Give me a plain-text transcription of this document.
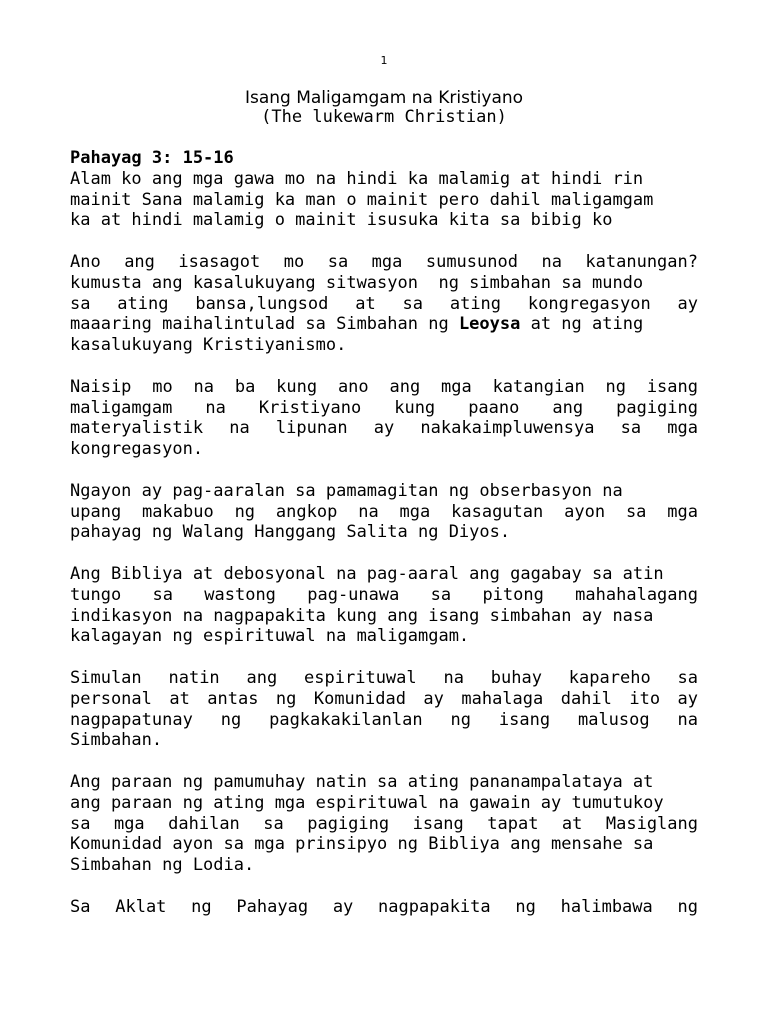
1
Isang Maligamgam na Kristiyano
(The lukewarm Christian)
Pahayag 3: 15-16
Alam ko ang mga gawa mo na hindi ka malamig at hindi rin
mainit Sana malamig ka man o mainit pero dahil maligamgam
ka at hindi malamig o mainit isusuka kita sa bibig ko
Ano ang isasagot mo sa mga sumusunod na katanungan?
kumusta ang kasalukuyang sitwasyon  ng simbahan sa mundo
sa ating bansa,lungsod at sa ating kongregasyon ay
maaaring maihalintulad sa Simbahan ng Leoysa at ng ating
kasalukuyang Kristiyanismo.
Naisip mo na ba kung ano ang mga katangian ng isang
maligamgam na Kristiyano kung paano ang pagiging
materyalistik na lipunan ay nakakaimpluwensya sa mga
kongregasyon.
Ngayon ay pag-aaralan sa pamamagitan ng obserbasyon na
upang makabuo ng angkop na mga kasagutan ayon sa mga
pahayag ng Walang Hanggang Salita ng Diyos.
Ang Bibliya at debosyonal na pag-aaral ang gagabay sa atin
tungo sa wastong pag-unawa sa pitong mahahalagang
indikasyon na nagpapakita kung ang isang simbahan ay nasa
kalagayan ng espirituwal na maligamgam.
Simulan natin ang espirituwal na buhay kapareho sa
personal at antas ng Komunidad ay mahalaga dahil ito ay
nagpapatunay ng pagkakakilanlan ng isang malusog na
Simbahan.
Ang paraan ng pamumuhay natin sa ating pananampalataya at
ang paraan ng ating mga espirituwal na gawain ay tumutukoy
sa mga dahilan sa pagiging isang tapat at Masiglang
Komunidad ayon sa mga prinsipyo ng Bibliya ang mensahe sa
Simbahan ng Lodia.
Sa Aklat ng Pahayag ay nagpapakita ng halimbawa ng
